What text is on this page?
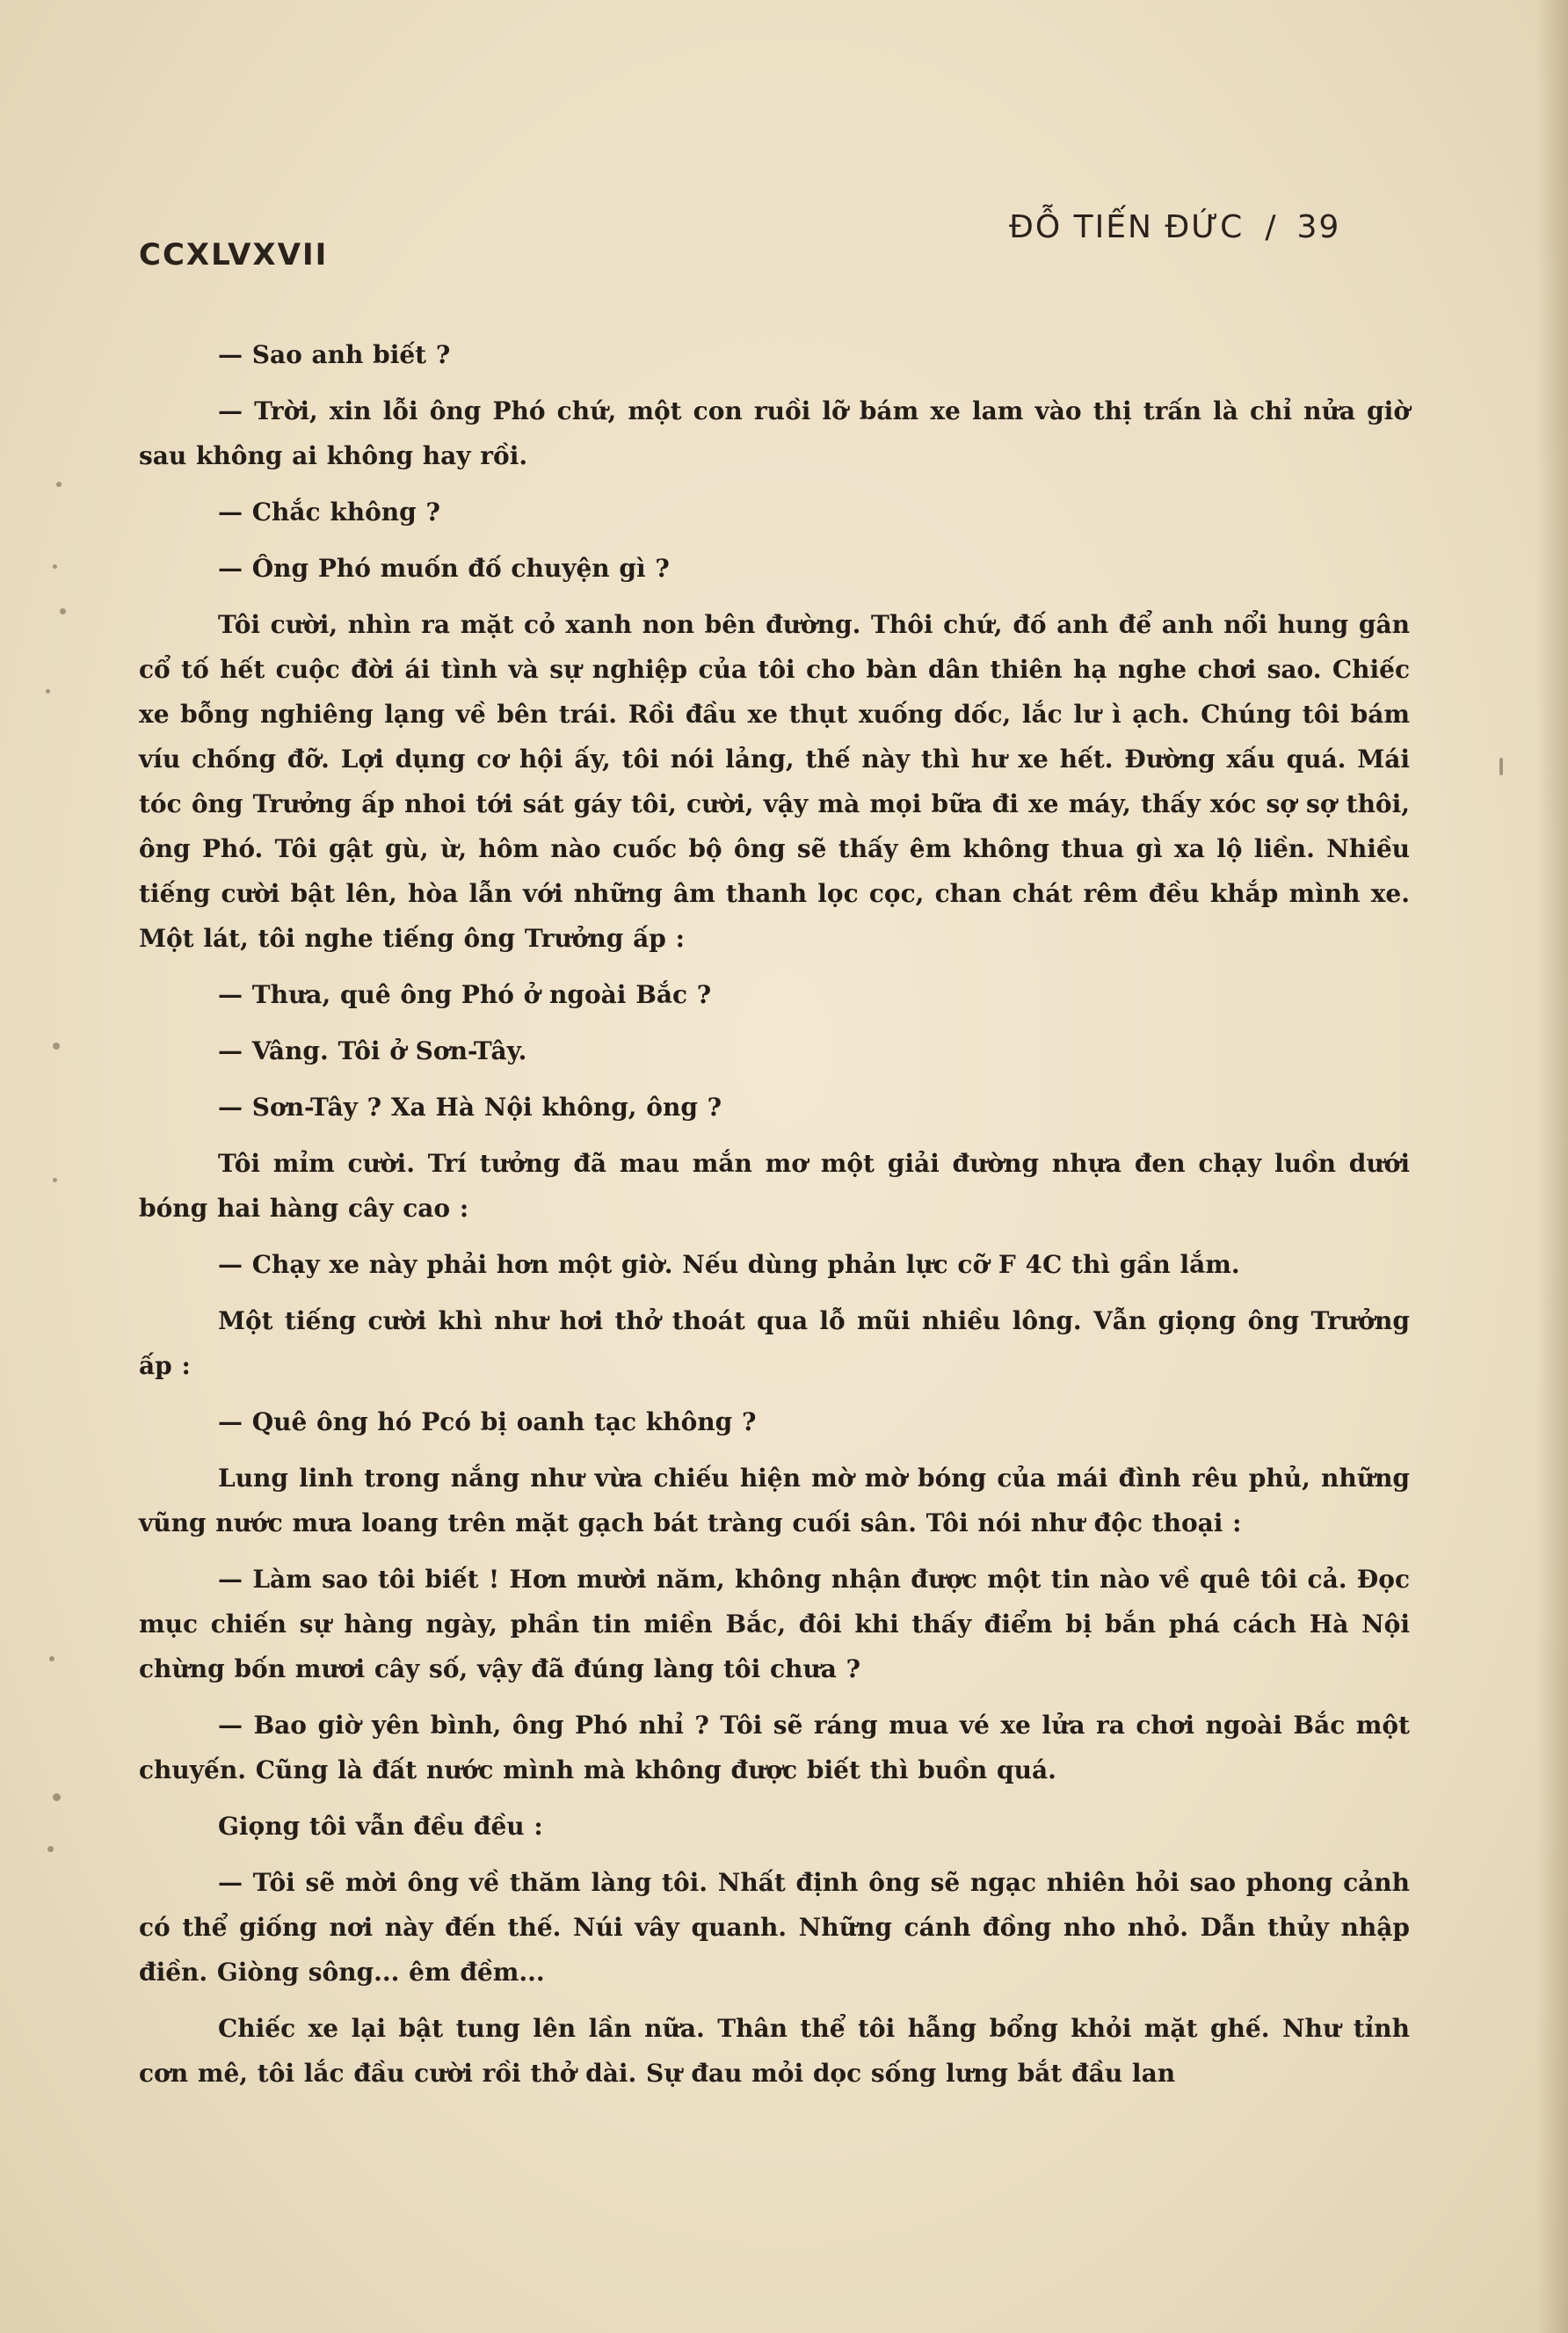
CCXLVXVII
ĐỖ TIẾN ĐỨC / 39

— Sao anh biết ?

— Trời, xin lỗi ông Phó chứ, một con ruồi lỡ bám xe lam vào thị trấn là chỉ nửa giờ sau không ai không hay rồi.

— Chắc không ?

— Ông Phó muốn đố chuyện gì ?

Tôi cười, nhìn ra mặt cỏ xanh non bên đường. Thôi chứ, đố anh để anh nổi hung gân cổ tố hết cuộc đời ái tình và sự nghiệp của tôi cho bàn dân thiên hạ nghe chơi sao. Chiếc xe bỗng nghiêng lạng về bên trái. Rồi đầu xe thụt xuống dốc, lắc lư ì ạch. Chúng tôi bám víu chống đỡ. Lợi dụng cơ hội ấy, tôi nói lảng, thế này thì hư xe hết. Đường xấu quá. Mái tóc ông Trưởng ấp nhoi tới sát gáy tôi, cười, vậy mà mọi bữa đi xe máy, thấy xóc sợ sợ thôi, ông Phó. Tôi gật gù, ừ, hôm nào cuốc bộ ông sẽ thấy êm không thua gì xa lộ liền. Nhiều tiếng cười bật lên, hòa lẫn với những âm thanh lọc cọc, chan chát rêm đều khắp mình xe. Một lát, tôi nghe tiếng ông Trưởng ấp :

— Thưa, quê ông Phó ở ngoài Bắc ?

— Vâng. Tôi ở Sơn-Tây.

— Sơn-Tây ? Xa Hà Nội không, ông ?

Tôi mỉm cười. Trí tưởng đã mau mắn mơ một giải đường nhựa đen chạy luồn dưới bóng hai hàng cây cao :

— Chạy xe này phải hơn một giờ. Nếu dùng phản lực cỡ F 4C thì gần lắm.

Một tiếng cười khì như hơi thở thoát qua lỗ mũi nhiều lông. Vẫn giọng ông Trưởng ấp :

— Quê ông hó Pcó bị oanh tạc không ?

Lung linh trong nắng như vừa chiếu hiện mờ mờ bóng của mái đình rêu phủ, những vũng nước mưa loang trên mặt gạch bát tràng cuối sân. Tôi nói như độc thoại :

— Làm sao tôi biết ! Hơn mười năm, không nhận được một tin nào về quê tôi cả. Đọc mục chiến sự hàng ngày, phần tin miền Bắc, đôi khi thấy điểm bị bắn phá cách Hà Nội chừng bốn mươi cây số, vậy đã đúng làng tôi chưa ?

— Bao giờ yên bình, ông Phó nhỉ ? Tôi sẽ ráng mua vé xe lửa ra chơi ngoài Bắc một chuyến. Cũng là đất nước mình mà không được biết thì buồn quá.

Giọng tôi vẫn đều đều :

— Tôi sẽ mời ông về thăm làng tôi. Nhất định ông sẽ ngạc nhiên hỏi sao phong cảnh có thể giống nơi này đến thế. Núi vây quanh. Những cánh đồng nho nhỏ. Dẫn thủy nhập điền. Giòng sông... êm đềm...

Chiếc xe lại bật tung lên lần nữa. Thân thể tôi hẫng bổng khỏi mặt ghế. Như tỉnh cơn mê, tôi lắc đầu cười rồi thở dài. Sự đau mỏi dọc sống lưng bắt đầu lan
